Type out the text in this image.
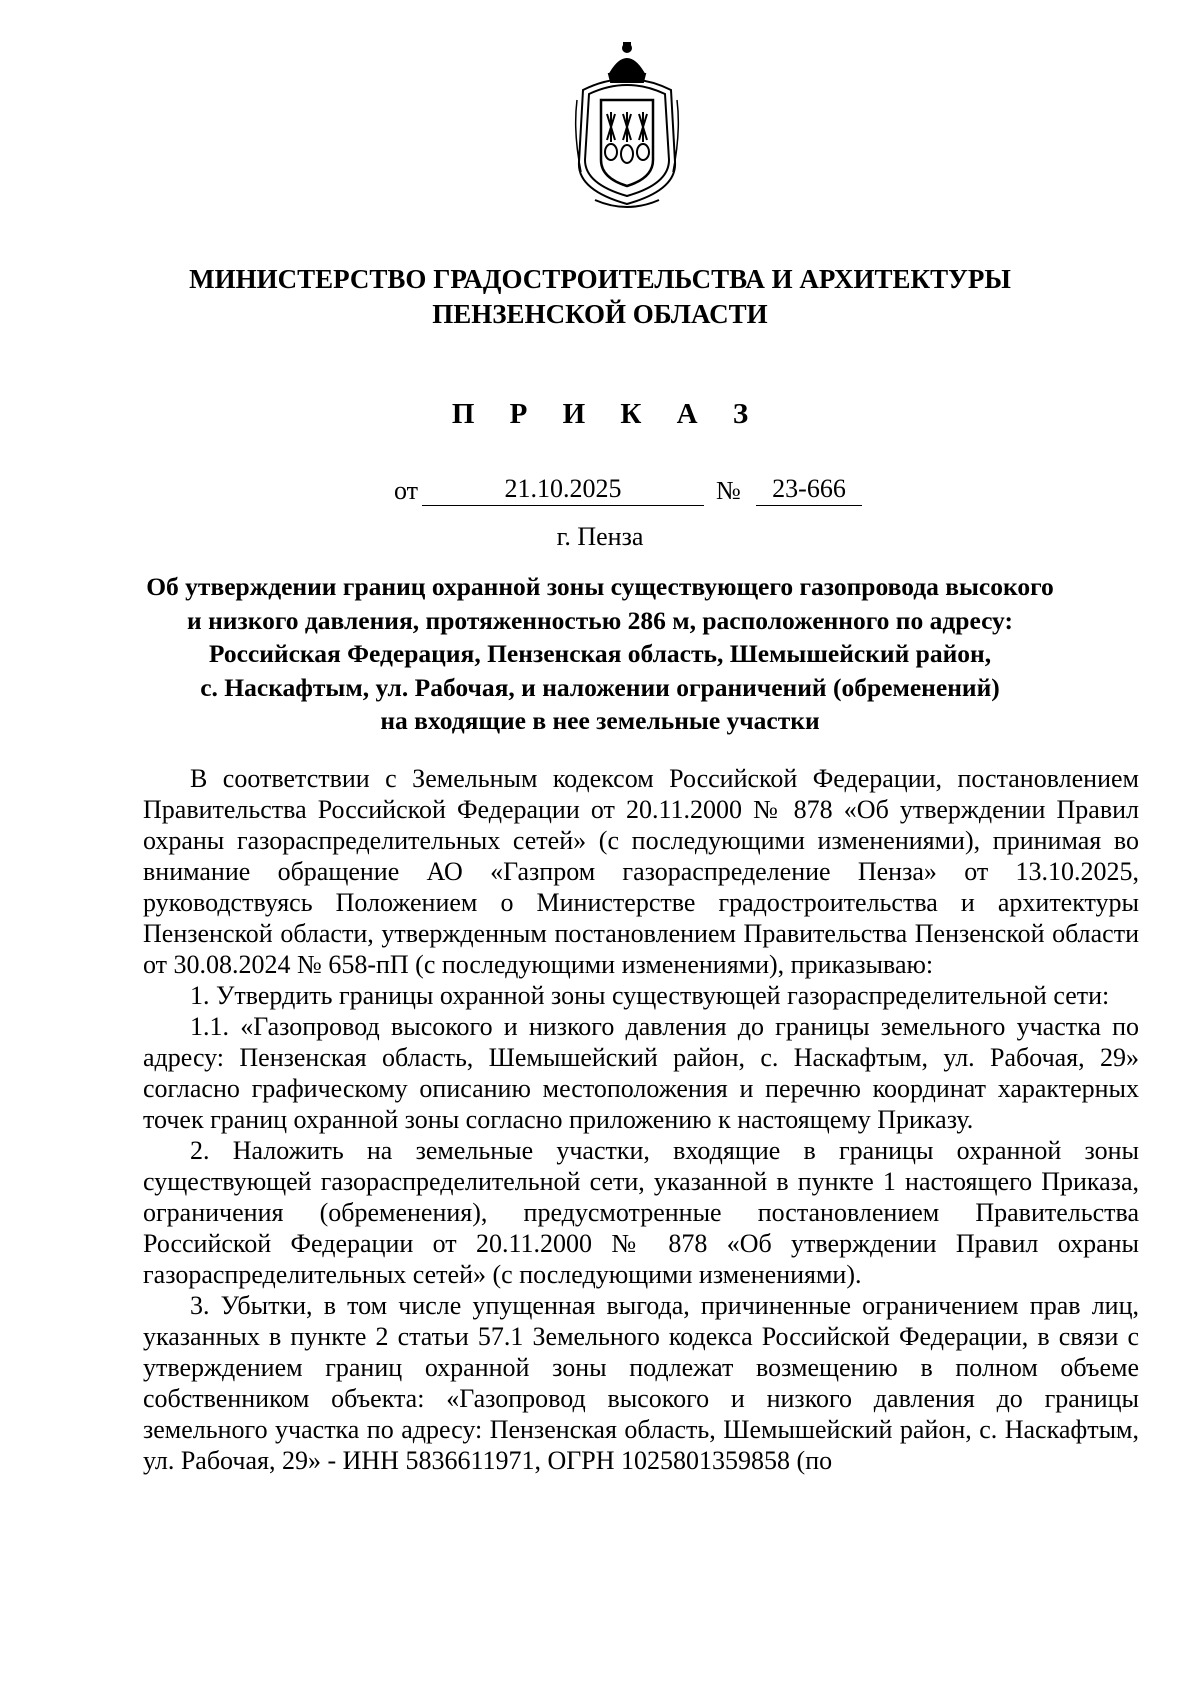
МИНИСТЕРСТВО ГРАДОСТРОИТЕЛЬСТВА И АРХИТЕКТУРЫ
ПЕНЗЕНСКОЙ ОБЛАСТИ
П Р И К А З
от	21.10.2025	№	23-666
г. Пенза
Об утверждении границ охранной зоны существующего газопровода высокого
и низкого давления, протяженностью 286 м, расположенного по адресу:
Российская Федерация, Пензенская область, Шемышейский район,
с. Наскафтым, ул. Рабочая, и наложении ограничений (обременений)
на входящие в нее земельные участки

В соответствии с Земельным кодексом Российской Федерации, постановлением Правительства Российской Федерации от 20.11.2000 № 878 «Об утверждении Правил охраны газораспределительных сетей» (с последующими изменениями), принимая во внимание обращение АО «Газпром газораспределение Пенза» от 13.10.2025, руководствуясь Положением о Министерстве градостроительства и архитектуры Пензенской области, утвержденным постановлением Правительства Пензенской области от 30.08.2024 № 658-пП (с последующими изменениями), приказываю:

1. Утвердить границы охранной зоны существующей газораспределительной сети:

1.1. «Газопровод высокого и низкого давления до границы земельного участка по адресу: Пензенская область, Шемышейский район, с. Наскафтым, ул. Рабочая, 29» согласно графическому описанию местоположения и перечню координат характерных точек границ охранной зоны согласно приложению к настоящему Приказу.

2. Наложить на земельные участки, входящие в границы охранной зоны существующей газораспределительной сети, указанной в пункте 1 настоящего Приказа, ограничения (обременения), предусмотренные постановлением Правительства Российской Федерации от 20.11.2000 № 878 «Об утверждении Правил охраны газораспределительных сетей» (с последующими изменениями).

3. Убытки, в том числе упущенная выгода, причиненные ограничением прав лиц, указанных в пункте 2 статьи 57.1 Земельного кодекса Российской Федерации, в связи с утверждением границ охранной зоны подлежат возмещению в полном объеме собственником объекта: «Газопровод высокого и низкого давления до границы земельного участка по адресу: Пензенская область, Шемышейский район, с. Наскафтым, ул. Рабочая, 29» - ИНН 5836611971, ОГРН 1025801359858 (по
